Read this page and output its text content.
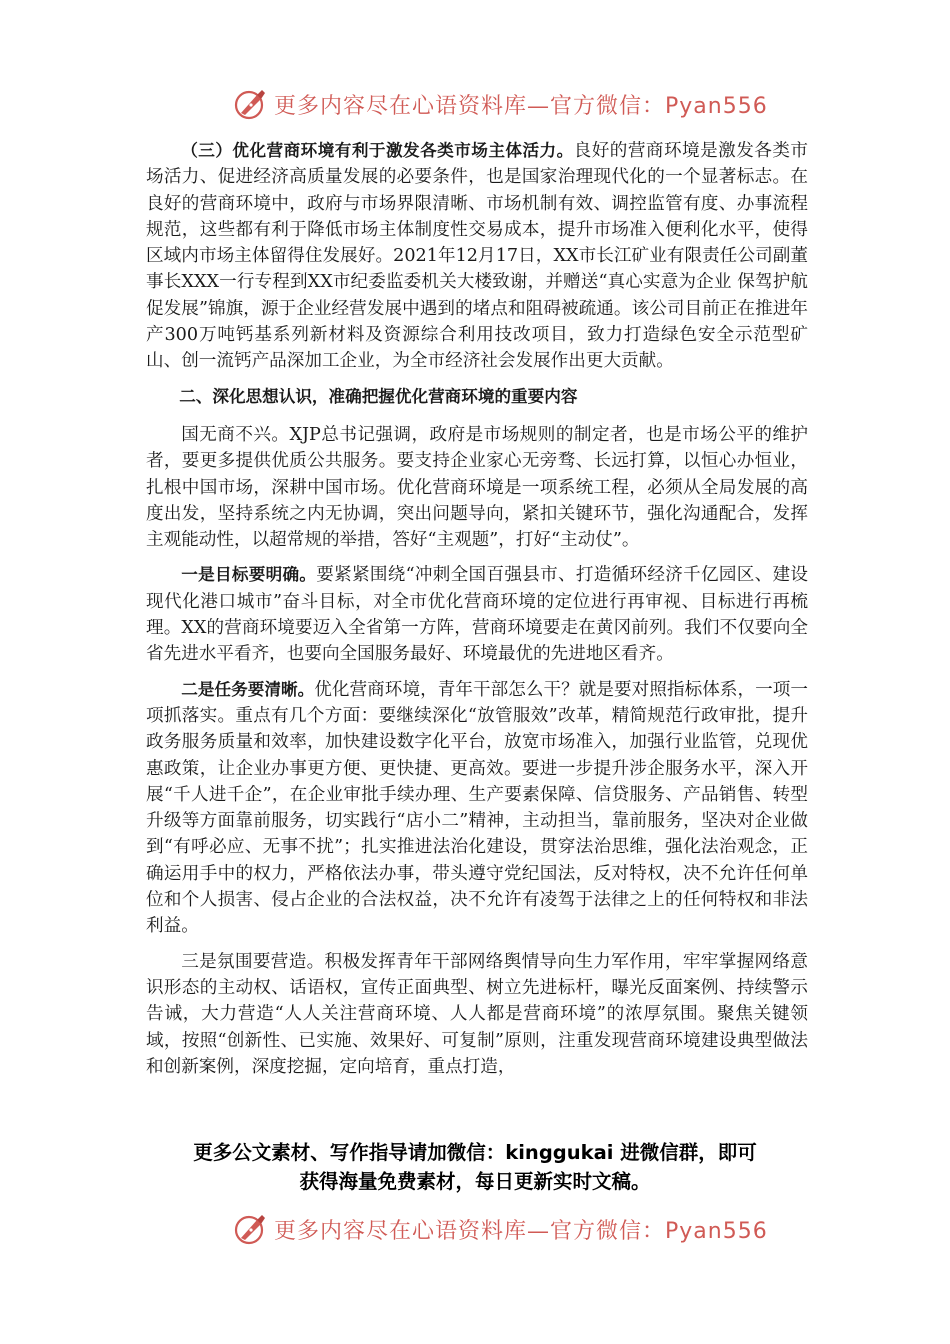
更多内容尽在心语资料库—官方微信：Pyan556

（三）优化营商环境有利于激发各类市场主体活力。良好的营商环境是激发各类市场活力、促进经济高质量发展的必要条件，也是国家治理现代化的一个显著标志。在良好的营商环境中，政府与市场界限清晰、市场机制有效、调控监管有度、办事流程规范，这些都有利于降低市场主体制度性交易成本，提升市场准入便利化水平，使得区域内市场主体留得住发展好。2021年12月17日，XX市长江矿业有限责任公司副董事长XXX一行专程到XX市纪委监委机关大楼致谢，并赠送“真心实意为企业 保驾护航促发展”锦旗，源于企业经营发展中遇到的堵点和阻碍被疏通。该公司目前正在推进年产300万吨钙基系列新材料及资源综合利用技改项目，致力打造绿色安全示范型矿山、创一流钙产品深加工企业，为全市经济社会发展作出更大贡献。

二、深化思想认识，准确把握优化营商环境的重要内容

国无商不兴。XJP总书记强调，政府是市场规则的制定者，也是市场公平的维护者，要更多提供优质公共服务。要支持企业家心无旁骛、长远打算，以恒心办恒业，扎根中国市场，深耕中国市场。优化营商环境是一项系统工程，必须从全局发展的高度出发，坚持系统之内无协调，突出问题导向，紧扣关键环节，强化沟通配合，发挥主观能动性，以超常规的举措，答好“主观题”，打好“主动仗”。

一是目标要明确。要紧紧围绕“冲刺全国百强县市、打造循环经济千亿园区、建设现代化港口城市”奋斗目标，对全市优化营商环境的定位进行再审视、目标进行再梳理。XX的营商环境要迈入全省第一方阵，营商环境要走在黄冈前列。我们不仅要向全省先进水平看齐，也要向全国服务最好、环境最优的先进地区看齐。

二是任务要清晰。优化营商环境，青年干部怎么干？就是要对照指标体系，一项一项抓落实。重点有几个方面：要继续深化“放管服效”改革，精简规范行政审批，提升政务服务质量和效率，加快建设数字化平台，放宽市场准入，加强行业监管，兑现优惠政策，让企业办事更方便、更快捷、更高效。要进一步提升涉企服务水平，深入开展“千人进千企”，在企业审批手续办理、生产要素保障、信贷服务、产品销售、转型升级等方面靠前服务，切实践行“店小二”精神，主动担当，靠前服务，坚决对企业做到“有呼必应、无事不扰”；扎实推进法治化建设，贯穿法治思维，强化法治观念，正确运用手中的权力，严格依法办事，带头遵守党纪国法，反对特权，决不允许任何单位和个人损害、侵占企业的合法权益，决不允许有凌驾于法律之上的任何特权和非法利益。

三是氛围要营造。积极发挥青年干部网络舆情导向生力军作用，牢牢掌握网络意识形态的主动权、话语权，宣传正面典型、树立先进标杆，曝光反面案例、持续警示告诫，大力营造“人人关注营商环境、人人都是营商环境”的浓厚氛围。聚焦关键领域，按照“创新性、已实施、效果好、可复制”原则，注重发现营商环境建设典型做法和创新案例，深度挖掘，定向培育，重点打造，

更多公文素材、写作指导请加微信：kinggukai 进微信群，即可
获得海量免费素材，每日更新实时文稿。
更多内容尽在心语资料库—官方微信：Pyan556
